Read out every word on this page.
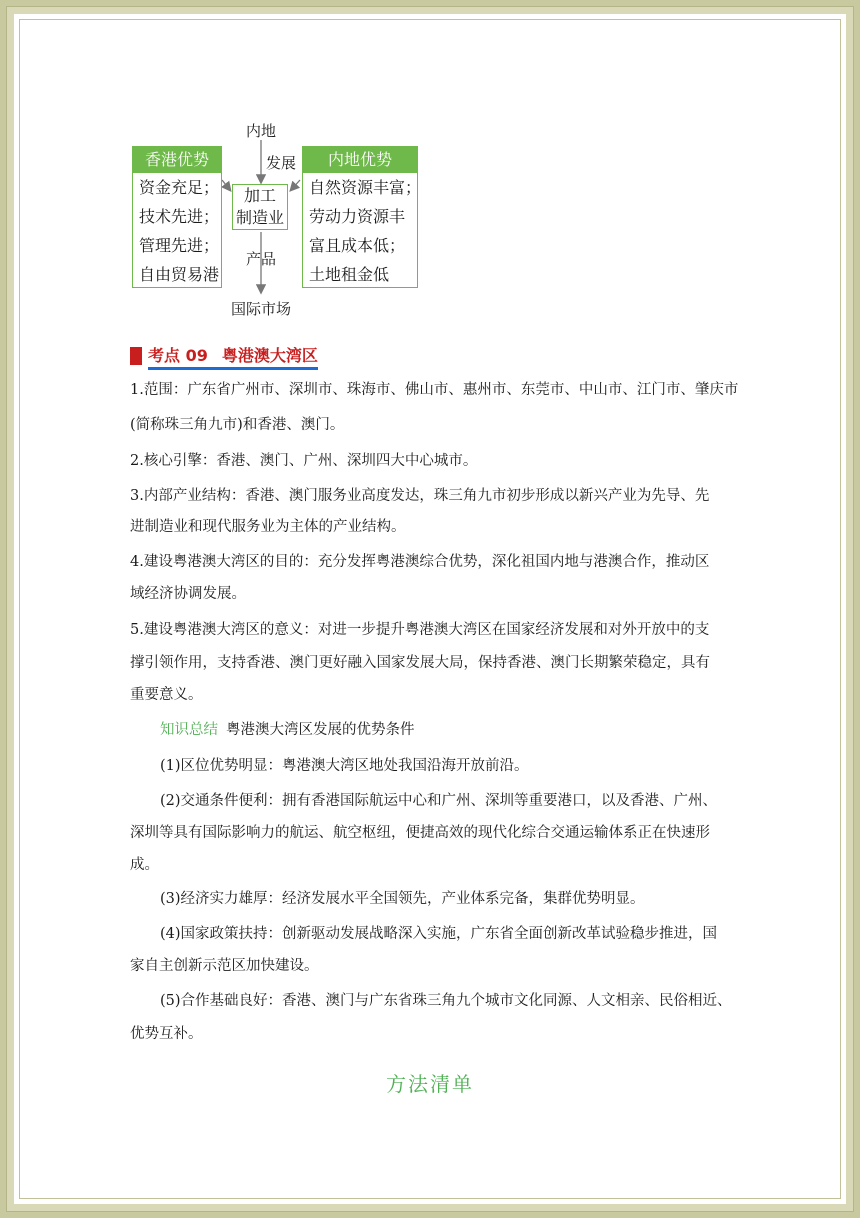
内地
发展
香港优势
资金充足；
技术先进；
管理先进；
自由贸易港
加工
制造业
内地优势
自然资源丰富；
劳动力资源丰
富且成本低；
土地租金低
产品
国际市场
考点 09 粤港澳大湾区
1.范围：广东省广州市、深圳市、珠海市、佛山市、惠州市、东莞市、中山市、江门市、肇庆市
(简称珠三角九市)和香港、澳门。
2.核心引擎：香港、澳门、广州、深圳四大中心城市。
3.内部产业结构：香港、澳门服务业高度发达，珠三角九市初步形成以新兴产业为先导、先
进制造业和现代服务业为主体的产业结构。
4.建设粤港澳大湾区的目的：充分发挥粤港澳综合优势，深化祖国内地与港澳合作，推动区
域经济协调发展。
5.建设粤港澳大湾区的意义：对进一步提升粤港澳大湾区在国家经济发展和对外开放中的支
撑引领作用，支持香港、澳门更好融入国家发展大局，保持香港、澳门长期繁荣稳定，具有
重要意义。
知识总结 粤港澳大湾区发展的优势条件
(1)区位优势明显：粤港澳大湾区地处我国沿海开放前沿。
(2)交通条件便利：拥有香港国际航运中心和广州、深圳等重要港口，以及香港、广州、
深圳等具有国际影响力的航运、航空枢纽，便捷高效的现代化综合交通运输体系正在快速形
成。
(3)经济实力雄厚：经济发展水平全国领先，产业体系完备，集群优势明显。
(4)国家政策扶持：创新驱动发展战略深入实施，广东省全面创新改革试验稳步推进，国
家自主创新示范区加快建设。
(5)合作基础良好：香港、澳门与广东省珠三角九个城市文化同源、人文相亲、民俗相近、
优势互补。
方法清单
